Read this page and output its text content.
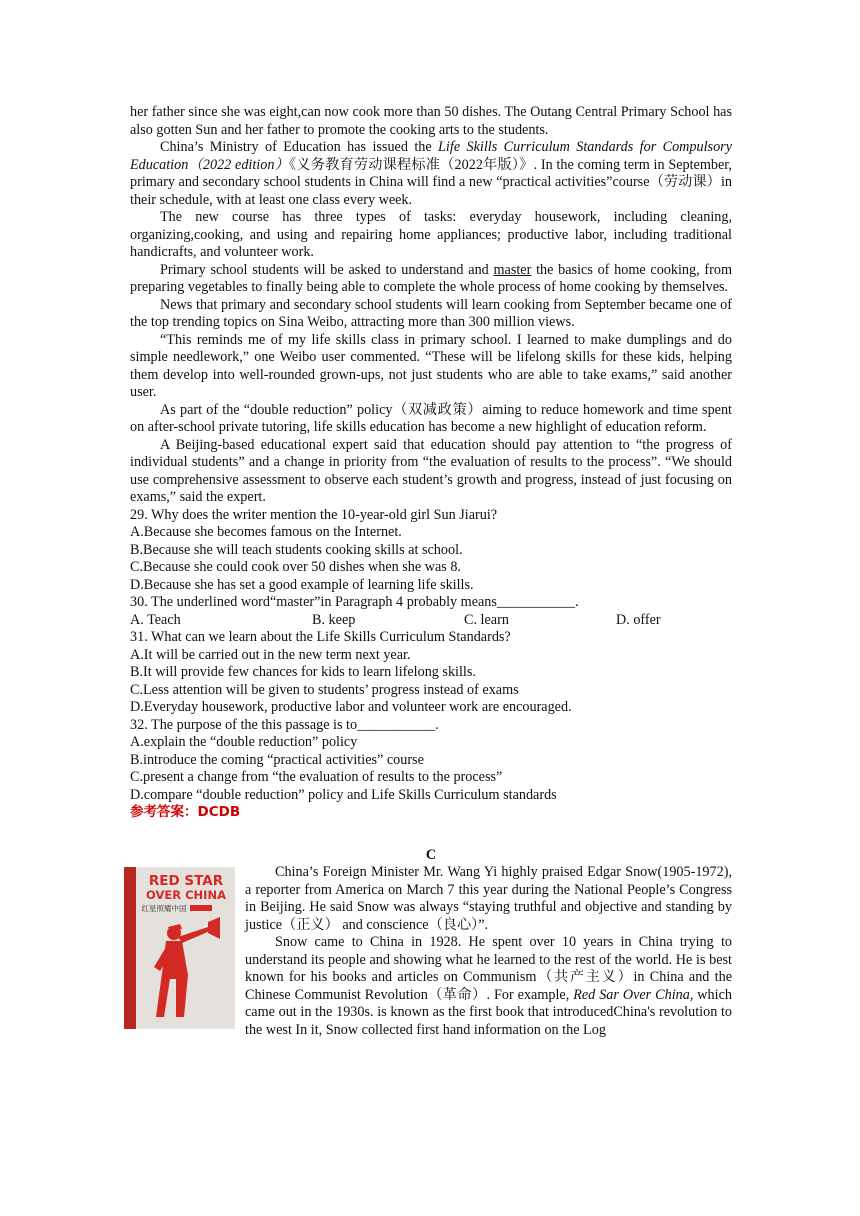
her father since she was eight,can now cook more than 50 dishes. The Outang Central Primary School has also gotten Sun and her father to promote the cooking arts to the students.

China’s Ministry of Education has issued the Life Skills Curriculum Standards for Compulsory Education（2022 edition）《义务教育劳动课程标准（2022年版）》. In the coming term in September, primary and secondary school students in China will find a new “practical activities”course（劳动课）in their schedule, with at least one class every week.

The new course has three types of tasks: everyday housework, including cleaning, organizing,cooking, and using and repairing home appliances; productive labor, including traditional handicrafts, and volunteer work.

Primary school students will be asked to understand and master the basics of home cooking, from preparing vegetables to finally being able to complete the whole process of home cooking by themselves.

News that primary and secondary school students will learn cooking from September became one of the top trending topics on Sina Weibo, attracting more than 300 million views.

“This reminds me of my life skills class in primary school. I learned to make dumplings and do simple needlework,” one Weibo user commented. “These will be lifelong skills for these kids, helping them develop into well-rounded grown-ups, not just students who are able to take exams,” said another user.

As part of the “double reduction” policy（双减政策）aiming to reduce homework and time spent on after-school private tutoring, life skills education has become a new highlight of education reform.

A Beijing-based educational expert said that education should pay attention to “the progress of individual students” and a change in priority from “the evaluation of results to the process”. “We should use comprehensive assessment to observe each student’s growth and progress, instead of just focusing on exams,” said the expert.

29. Why does the writer mention the 10-year-old girl Sun Jiarui?

A.Because she becomes famous on the Internet.

B.Because she will teach students cooking skills at school.

C.Because she could cook over 50 dishes when she was 8.

D.Because she has set a good example of learning life skills.

30. The underlined word“master”in Paragraph 4 probably means___________.

A. Teach	B. keep	C. learn	D. offer

31. What can we learn about the Life Skills Curriculum Standards?

A.It will be carried out in the new term next year.

B.It will provide few chances for kids to learn lifelong skills.

C.Less attention will be given to students’ progress instead of exams

D.Everyday housework, productive labor and volunteer work are encouraged.

32. The purpose of the this passage is to___________.

A.explain the “double reduction” policy

B.introduce the coming “practical activities” course

C.present a change from “the evaluation of results to the process”

D.compare “double reduction” policy and Life Skills Curriculum standards

参考答案：DCDB

C

RED STAR
OVER CHINA
红星照耀中国

China’s Foreign Minister Mr. Wang Yi highly praised Edgar Snow(1905-1972), a reporter from America on March 7 this year during the National People’s Congress in Beijing. He said Snow was always “staying truthful and objective and standing by justice（正义） and conscience（良心）”.

Snow came to China in 1928. He spent over 10 years in China trying to understand its people and showing what he learned to the rest of the world. He is best known for his books and articles on Communism（共产主义）in China and the Chinese Communist Revolution（革命）. For example, Red Sar Over China, which came out in the 1930s. is known as the first book that introducedChina's revolution to the west In it, Snow collected first hand information on the Log
